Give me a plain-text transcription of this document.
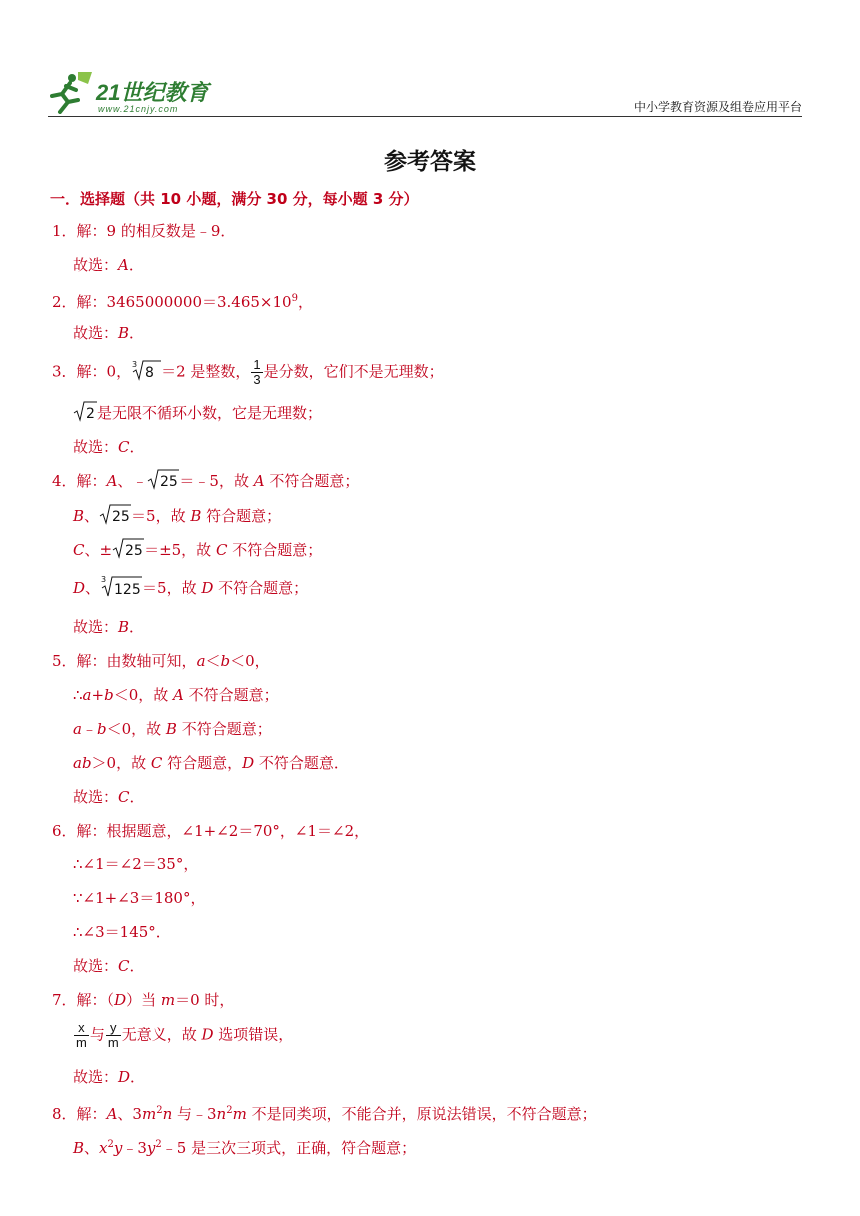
21世纪教育
www.21cnjy.com	中小学教育资源及组卷应用平台
参考答案
一．选择题（共 10 小题，满分 30 分，每小题 3 分）
1．解：9 的相反数是﹣9．
故选：A．
2．解：$3465000000=3.465\times 10^9$，
故选：B．
3．解：0， 3
8 ＝2 是整数， $\frac{1}{3}$ 是分数，它们不是无理数；
2 是无限不循环小数，它是无理数；
故选：C．
4．解：A、﹣ 25 ＝﹣5，故 A 不符合题意；
B、 25 ＝5，故 B 符合题意；
C、± 25 ＝±5，故 C 不符合题意；
D、 3
125 ＝5，故 D 不符合题意；
故选：B．
5．解：由数轴可知，a＜b＜0，
∴a+b＜0，故 A 不符合题意；
a﹣b＜0，故 B 不符合题意；
ab＞0，故 C 符合题意，D 不符合题意．
故选：C．
6．解：根据题意，∠1+∠2＝70°，∠1＝∠2，
∴∠1＝∠2＝35°，
∵∠1+∠3＝180°，
∴∠3＝145°．
故选：C．
7．解：（D）当 m＝0 时，
$\frac{x}{m}$ 与 $\frac{y}{m}$ 无意义，故 D 选项错误，
故选：D．
8．解：A、$3m^2n$ 与$﹣3n^2m$ 不是同类项，不能合并，原说法错误，不符合题意；
B、$x^2y﹣3y^2﹣5$ 是三次三项式，正确，符合题意；
